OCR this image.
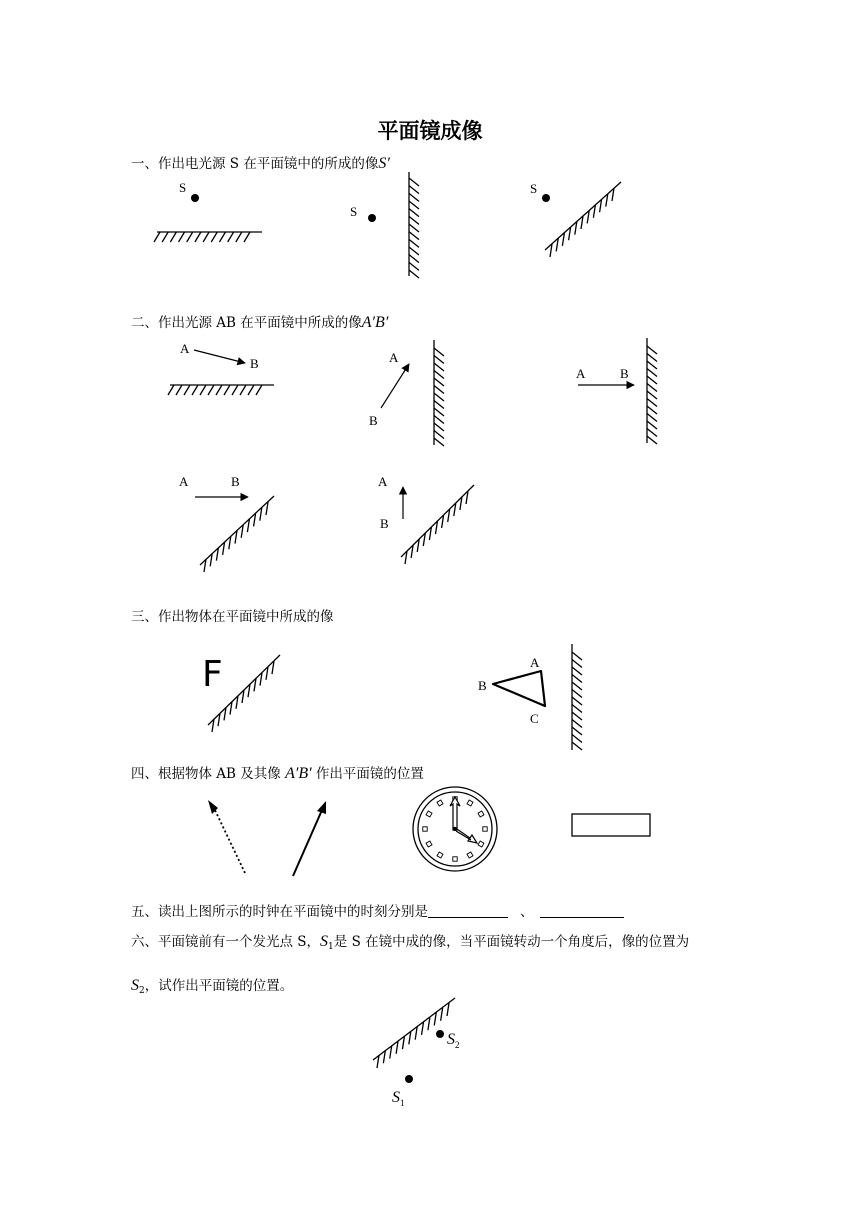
平面镜成像
一、作出电光源 S 在平面镜中的所成的像S′
二、作出光源 AB 在平面镜中所成的像A′B′
三、作出物体在平面镜中所成的像
四、根据物体 AB 及其像 A′B′ 作出平面镜的位置
五、读出上图所示的时钟在平面镜中的时刻分别是	、
六、平面镜前有一个发光点 S，$S_1$是 S 在镜中成的像，当平面镜转动一个角度后，像的位置为
$S_2$，试作出平面镜的位置。
S
S
S
A
B	A
B
A	B
A	B	A
B
F	A
B
C
$S_2$
$S_1$
